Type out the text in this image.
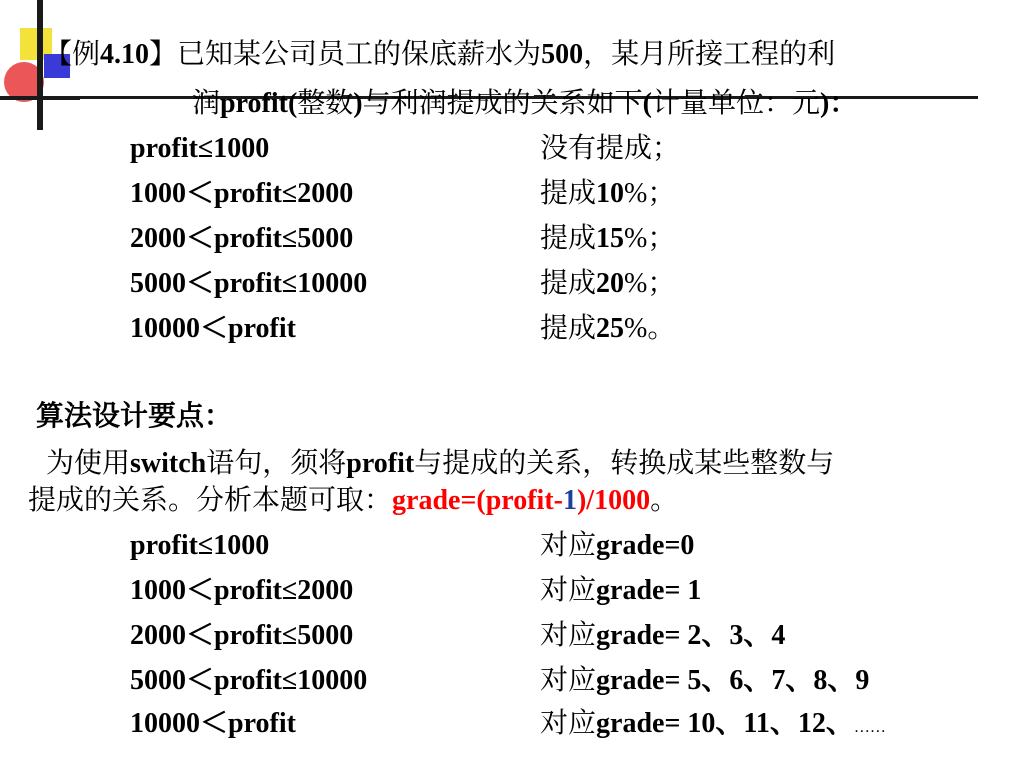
【例4.10】已知某公司员工的保底薪水为500，某月所接工程的利
润profit(整数)与利润提成的关系如下(计量单位：元)：
profit≤1000	没有提成；
1000＜profit≤2000	提成10%；
2000＜profit≤5000	提成15%；
5000＜profit≤10000	提成20%；
10000＜profit	提成25%。
算法设计要点：
为使用switch语句，须将profit与提成的关系，转换成某些整数与
提成的关系。分析本题可取：grade=(profit-1)/1000。
profit≤1000	对应grade=0
1000＜profit≤2000	对应grade= 1
2000＜profit≤5000	对应grade= 2、3、4
5000＜profit≤10000	对应grade= 5、6、7、8、9
10000＜profit	对应grade= 10、11、12、……
